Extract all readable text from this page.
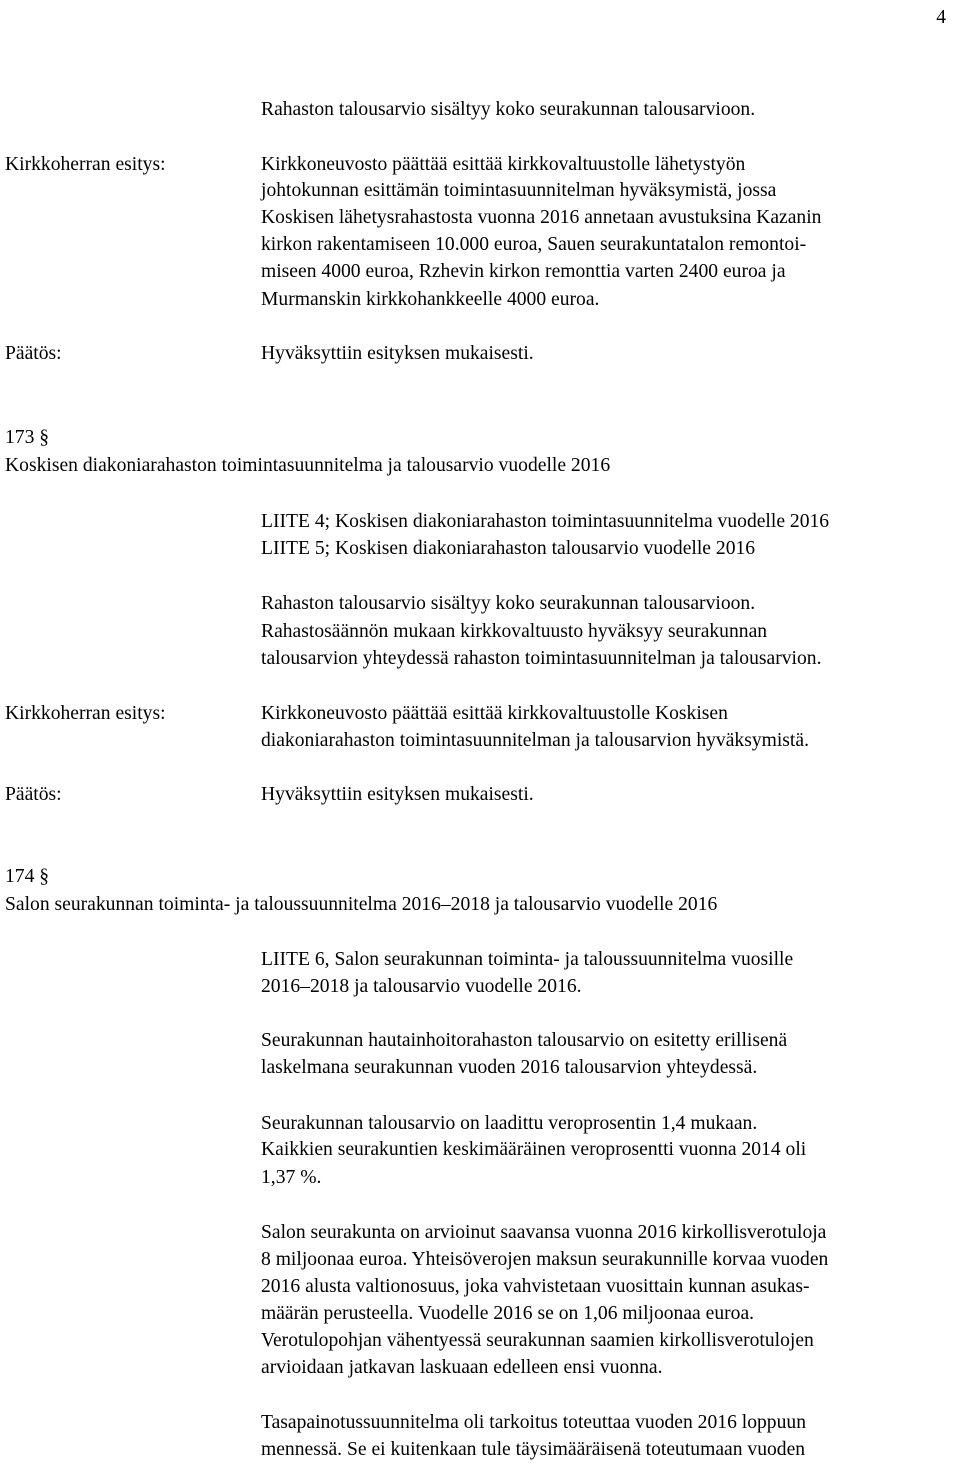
4
Rahaston talousarvio sisältyy koko seurakunnan talousarvioon.
Kirkkoherran esitys:	Kirkkoneuvosto päättää esittää kirkkovaltuustolle lähetystyön
johtokunnan esittämän toimintasuunnitelman hyväksymistä, jossa
Koskisen lähetysrahastosta vuonna 2016 annetaan avustuksina Kazanin
kirkon rakentamiseen 10.000 euroa, Sauen seurakuntatalon remontoi-
miseen 4000 euroa, Rzhevin kirkon remonttia varten 2400 euroa ja
Murmanskin kirkkohankkeelle 4000 euroa.
Päätös:	Hyväksyttiin esityksen mukaisesti.
173 §
Koskisen diakoniarahaston toimintasuunnitelma ja talousarvio vuodelle 2016
LIITE 4; Koskisen diakoniarahaston toimintasuunnitelma vuodelle 2016
LIITE 5; Koskisen diakoniarahaston talousarvio vuodelle 2016
Rahaston talousarvio sisältyy koko seurakunnan talousarvioon.
Rahastosäännön mukaan kirkkovaltuusto hyväksyy seurakunnan
talousarvion yhteydessä rahaston toimintasuunnitelman ja talousarvion.
Kirkkoherran esitys:	Kirkkoneuvosto päättää esittää kirkkovaltuustolle Koskisen
diakoniarahaston toimintasuunnitelman ja talousarvion hyväksymistä.
Päätös:	Hyväksyttiin esityksen mukaisesti.
174 §
Salon seurakunnan toiminta- ja taloussuunnitelma 2016–2018 ja talousarvio vuodelle 2016
LIITE 6, Salon seurakunnan toiminta- ja taloussuunnitelma vuosille
2016–2018 ja talousarvio vuodelle 2016.
Seurakunnan hautainhoitorahaston talousarvio on esitetty erillisenä
laskelmana seurakunnan vuoden 2016 talousarvion yhteydessä.
Seurakunnan talousarvio on laadittu veroprosentin 1,4 mukaan.
Kaikkien seurakuntien keskimääräinen veroprosentti vuonna 2014 oli
1,37 %.
Salon seurakunta on arvioinut saavansa vuonna 2016 kirkollisverotuloja
8 miljoonaa euroa. Yhteisöverojen maksun seurakunnille korvaa vuoden
2016 alusta valtionosuus, joka vahvistetaan vuosittain kunnan asukas-
määrän perusteella. Vuodelle 2016 se on 1,06 miljoonaa euroa.
Verotulopohjan vähentyessä seurakunnan saamien kirkollisverotulojen
arvioidaan jatkavan laskuaan edelleen ensi vuonna.
Tasapainotussuunnitelma oli tarkoitus toteuttaa vuoden 2016 loppuun
mennessä. Se ei kuitenkaan tule täysimääräisenä toteutumaan vuoden
